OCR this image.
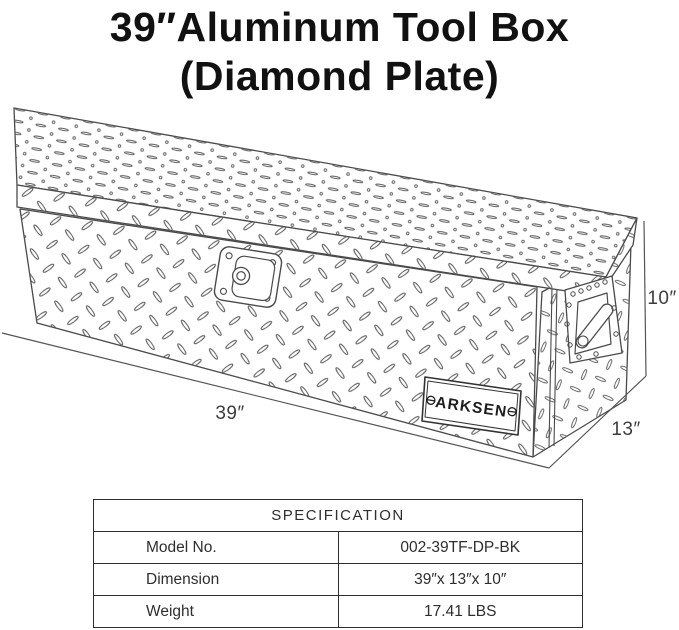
39″Aluminum Tool Box
(Diamond Plate)
ARKSEN
39″
13″
10″
SPECIFICATION	
Model No.	002-39TF-DP-BK
Dimension	39″x 13″x 10″
Weight	17.41 LBS
